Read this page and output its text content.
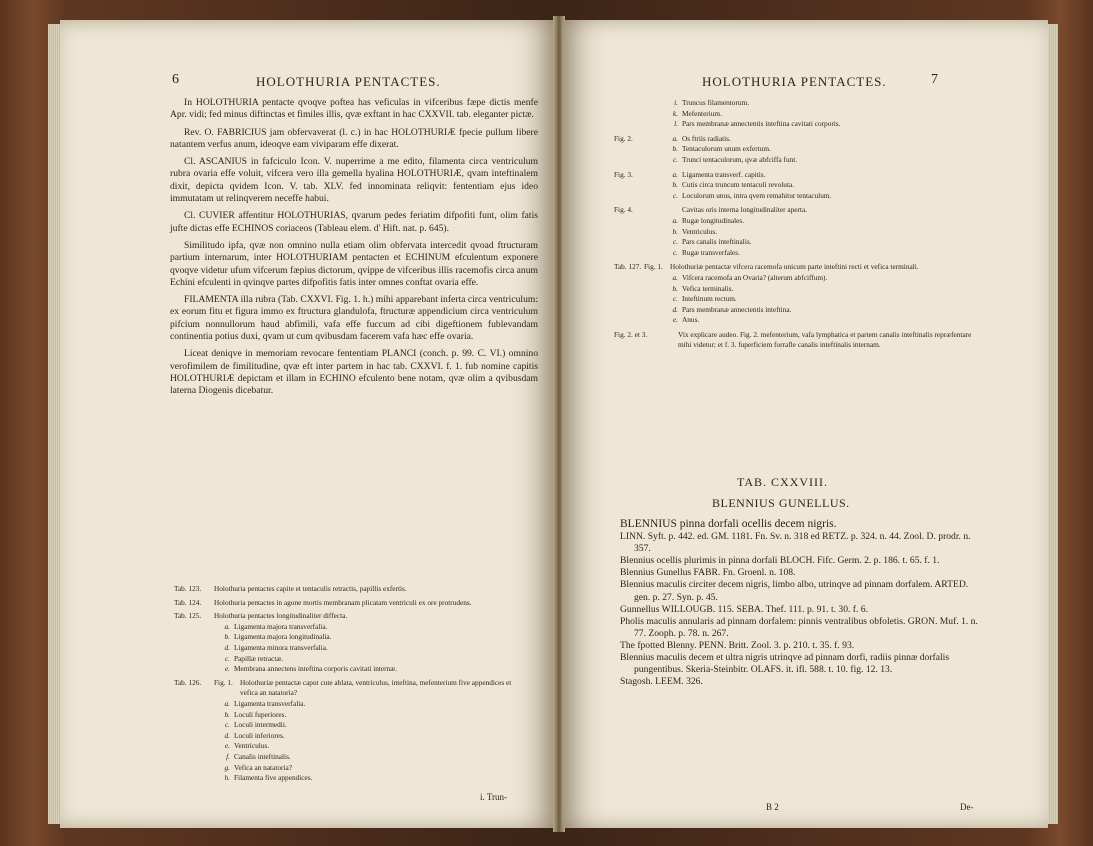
6	HOLOTHURIA PENTACTES.

In HOLOTHURIA pentacte qvoqve poftea has veficulas in vifceribus fæpe dictis menfe Apr. vidi; fed minus diftinctas et fimiles illis, qvæ exftant in hac CXXVII. tab. eleganter pictæ.

Rev. O. FABRICIUS jam obfervaverat (l. c.) in hac HOLOTHURIÆ fpecie pullum libere natantem verfus anum, ideoqve eam viviparam effe dixerat.

Cl. ASCANIUS in fafciculo Icon. V. nuperrime a me edito, filamenta circa ventriculum rubra ovaria effe voluit, vifcera vero illa gemella hyalina HOLOTHURIÆ, qvam inteftinalem dixit, depicta qvidem Icon. V. tab. XLV. fed innominata reliqvit: fententiam ejus ideo immutatam ut relinqverem neceffe habui.

Cl. CUVIER affentitur HOLOTHURIAS, qvarum pedes feriatim difpofiti funt, olim fatis jufte dictas effe ECHINOS coriaceos (Tableau elem. d' Hift. nat. p. 645).

Similitudo ipfa, qvæ non omnino nulla etiam olim obfervata intercedit qvoad ftructuram partium internarum, inter HOLOTHURIAM pentacten et ECHINUM efculentum exponere qvoqve videtur ufum vifcerum fæpius dictorum, qvippe de vifceribus illis racemofis circa anum Echini efculenti in qvinqve partes difpofitis fatis inter omnes conftat ovaria effe.

FILAMENTA illa rubra (Tab. CXXVI. Fig. 1. h.) mihi apparebant inferta circa ventriculum: ex eorum fitu et figura immo ex ftructura glandulofa, ftructuræ appendicium circa ventriculum pifcium nonnullorum haud abfimili, vafa effe fuccum ad cibi digeftionem fublevandam continentia potius duxi, qvam ut cum qvibusdam facerem vafa hæc effe ovaria.

Liceat deniqve in memoriam revocare fententiam PLANCI (conch. p. 99. C. VI.) omnino verofimilem de fimilitudine, qvæ eft inter partem in hac tab. CXXVI. f. 1. fub nomine capitis HOLOTHURIÆ depictam et illam in ECHINO efculento bene notam, qvæ olim a qvibusdam laterna Diogenis dicebatur.

Tab. 123.	Holothuria pentactes capite et tentaculis retractis, papillis exfertis.
Tab. 124.	Holothuria pentactes in agone mortis membranam plicatam ventriculi ex ore protrudens.
Tab. 125.	Holothuria pentactes longitudinaliter diffecta.
a. Ligamenta majora transverfalia.
b. Ligamenta majora longitudinalia.
d. Ligamenta minora transverfalia.
c. Papillæ retractæ.
e. Membrana annectens inteftina corporis cavitati internæ.
Tab. 126.	Fig. 1. Holothuriæ pentactæ caput cute ablata, ventriculus, inteftina, mefenterium five appendices et vefica an natatoria?
a. Ligamenta transverfalia.
b. Loculi fuperiores.
c. Loculi intermedii.
d. Loculi inferiores.
e. Ventriculus.
f. Canalis inteftinalis.
g. Vefica an natatoria?
h. Filamenta five appendices.
i. Trun-
HOLOTHURIA PENTACTES.	7
i. Truncus filamentorum.
k. Mefenterium.
l. Pars membranæ annectentis inteftina cavitati corporis.
Fig. 2.	a. Os ftriis radiatis.
b. Tentaculorum unum exfertum.
c. Trunci tentaculorum, qvæ abfciffa funt.
Fig. 3.	a. Ligamenta transverf. capitis.
b. Cutis circa truncum tentaculi revoluta.
c. Loculorum unus, intra qvem remahitur tentaculum.
Fig. 4.	Cavitas oris interna longitudinaliter aperta.
a. Rugæ longitudinales.
b. Ventriculus.
c. Pars canalis inteftinalis.
c. Rugæ transverfales.
Tab. 127. Fig. 1. Holothuriæ pentactæ vifcera racemofa unicum parte inteftini recti et vefica terminali.
a. Vifcera racemofa an Ovaria? (alterum abfciffum).
b. Vefica terminalis.
c. Inteftinum rectum.
d. Pars membranæ annectentis inteftina.
e. Anus.
Fig. 2. et 3.	Vix explicare audeo. Fig. 2. mefenterium, vafa lymphatica et partem canalis inteftinalis repræfentare mihi videtur; et f. 3. fuperficiem forrafle canalis inteftinalis internam.
TAB. CXXVIII.
BLENNIUS GUNELLUS.
BLENNIUS pinna dorfali ocellis decem nigris.
LINN. Syft. p. 442. ed. GM. 1181. Fn. Sv. n. 318 ed RETZ. p. 324. n. 44. Zool. D. prodr. n. 357.
Blennius ocellis plurimis in pinna dorfali BLOCH. Fifc. Germ. 2. p. 186. t. 65. f. 1.
Blennius Gunellus FABR. Fn. Groenl. n. 108.
Blennius maculis circiter decem nigris, limbo albo, utrinqve ad pinnam dorfalem. ARTED. gen. p. 27. Syn. p. 45.
Gunnellus WILLOUGB. 115. SEBA. Thef. 111. p. 91. t. 30. f. 6.
Pholis maculis annularis ad pinnam dorfalem: pinnis ventralibus obfoletis. GRON. Muf. 1. n. 77. Zooph. p. 78. n. 267.
The fpotted Blenny. PENN. Britt. Zool. 3. p. 210. t. 35. f. 93.
Blennius maculis decem et ultra nigris utrinqve ad pinnam dorfi, radiis pinnæ dorfalis pungentibus. Skeria-Steinbitr. OLAFS. it. ifl. 588. t. 10. fig. 12. 13.
Stagosh. LEEM. 326.
B 2	De-
